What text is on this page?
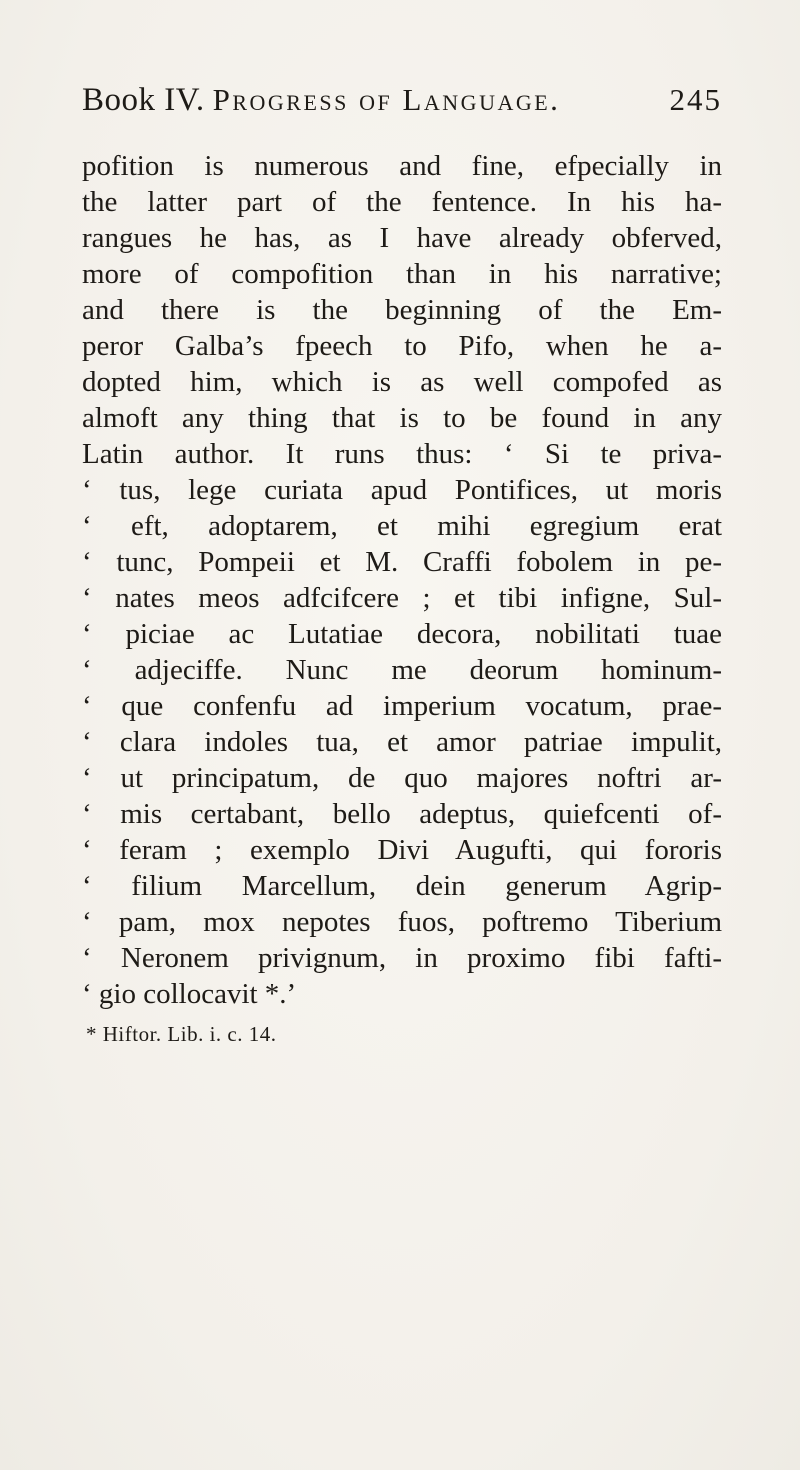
Book IV. Progress of Language.	245
pofition is numerous and fine, efpecially in
the latter part of the fentence. In his ha-
rangues he has, as I have already obferved,
more of compofition than in his narrative;
and there is the beginning of the Em-
peror Galba’s fpeech to Pifo, when he a-
dopted him, which is as well compofed as
almoft any thing that is to be found in any
Latin author. It runs thus: ‘ Si te priva-
‘ tus, lege curiata apud Pontifices, ut moris
‘ eft, adoptarem, et mihi egregium erat
‘ tunc, Pompeii et M. Craffi fobolem in pe-
‘ nates meos adfcifcere ; et tibi infigne, Sul-
‘ piciae ac Lutatiae decora, nobilitati tuae
‘ adjeciffe. Nunc me deorum hominum-
‘ que confenfu ad imperium vocatum, prae-
‘ clara indoles tua, et amor patriae impulit,
‘ ut principatum, de quo majores noftri ar-
‘ mis certabant, bello adeptus, quiefcenti of-
‘ feram ; exemplo Divi Augufti, qui fororis
‘ filium Marcellum, dein generum Agrip-
‘ pam, mox nepotes fuos, poftremo Tiberium
‘ Neronem privignum, in proximo fibi fafti-
‘ gio collocavit *.’
* Hiftor. Lib. i. c. 14.
